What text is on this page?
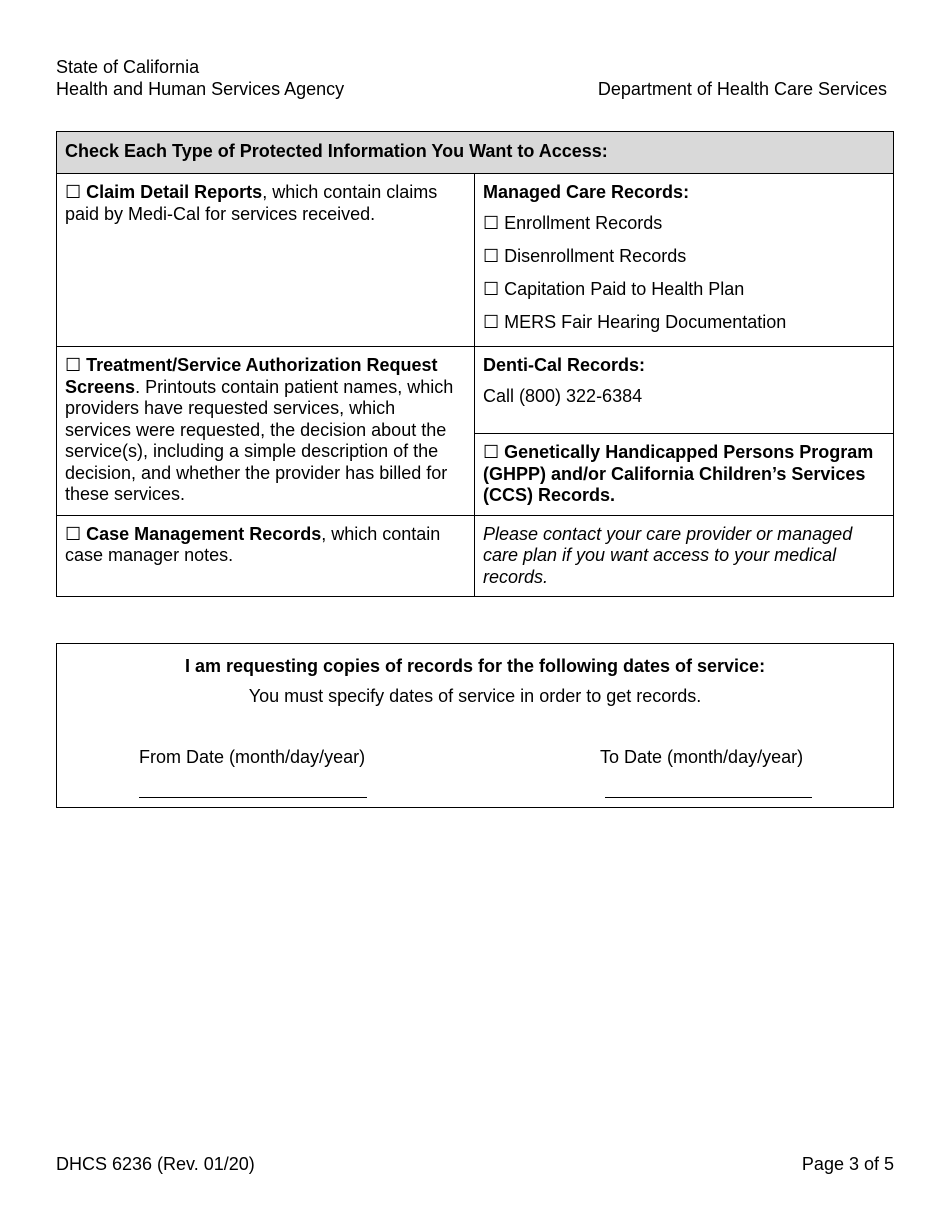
State of California
Health and Human Services Agency	Department of Health Care Services
Check Each Type of Protected Information You Want to Access:	
☐ Claim Detail Reports, which contain claims paid by Medi-Cal for services received.	Managed Care Records:
☐ Enrollment Records
☐ Disenrollment Records
☐ Capitation Paid to Health Plan
☐ MERS Fair Hearing Documentation

☐ Treatment/Service Authorization Request Screens. Printouts contain patient names, which providers have requested services, which services were requested, the decision about the service(s), including a simple description of the decision, and whether the provider has billed for these services.	Denti-Cal Records:
Call (800) 322-6384

	☐ Genetically Handicapped Persons Program (GHPP) and/or California Children’s Services (CCS) Records.
☐ Case Management Records, which contain case manager notes.	Please contact your care provider or managed care plan if you want access to your medical records.
I am requesting copies of records for the following dates of service:
You must specify dates of service in order to get records.
From Date (month/day/year)	To Date (month/day/year)
DHCS 6236 (Rev. 01/20)	Page 3 of 5
